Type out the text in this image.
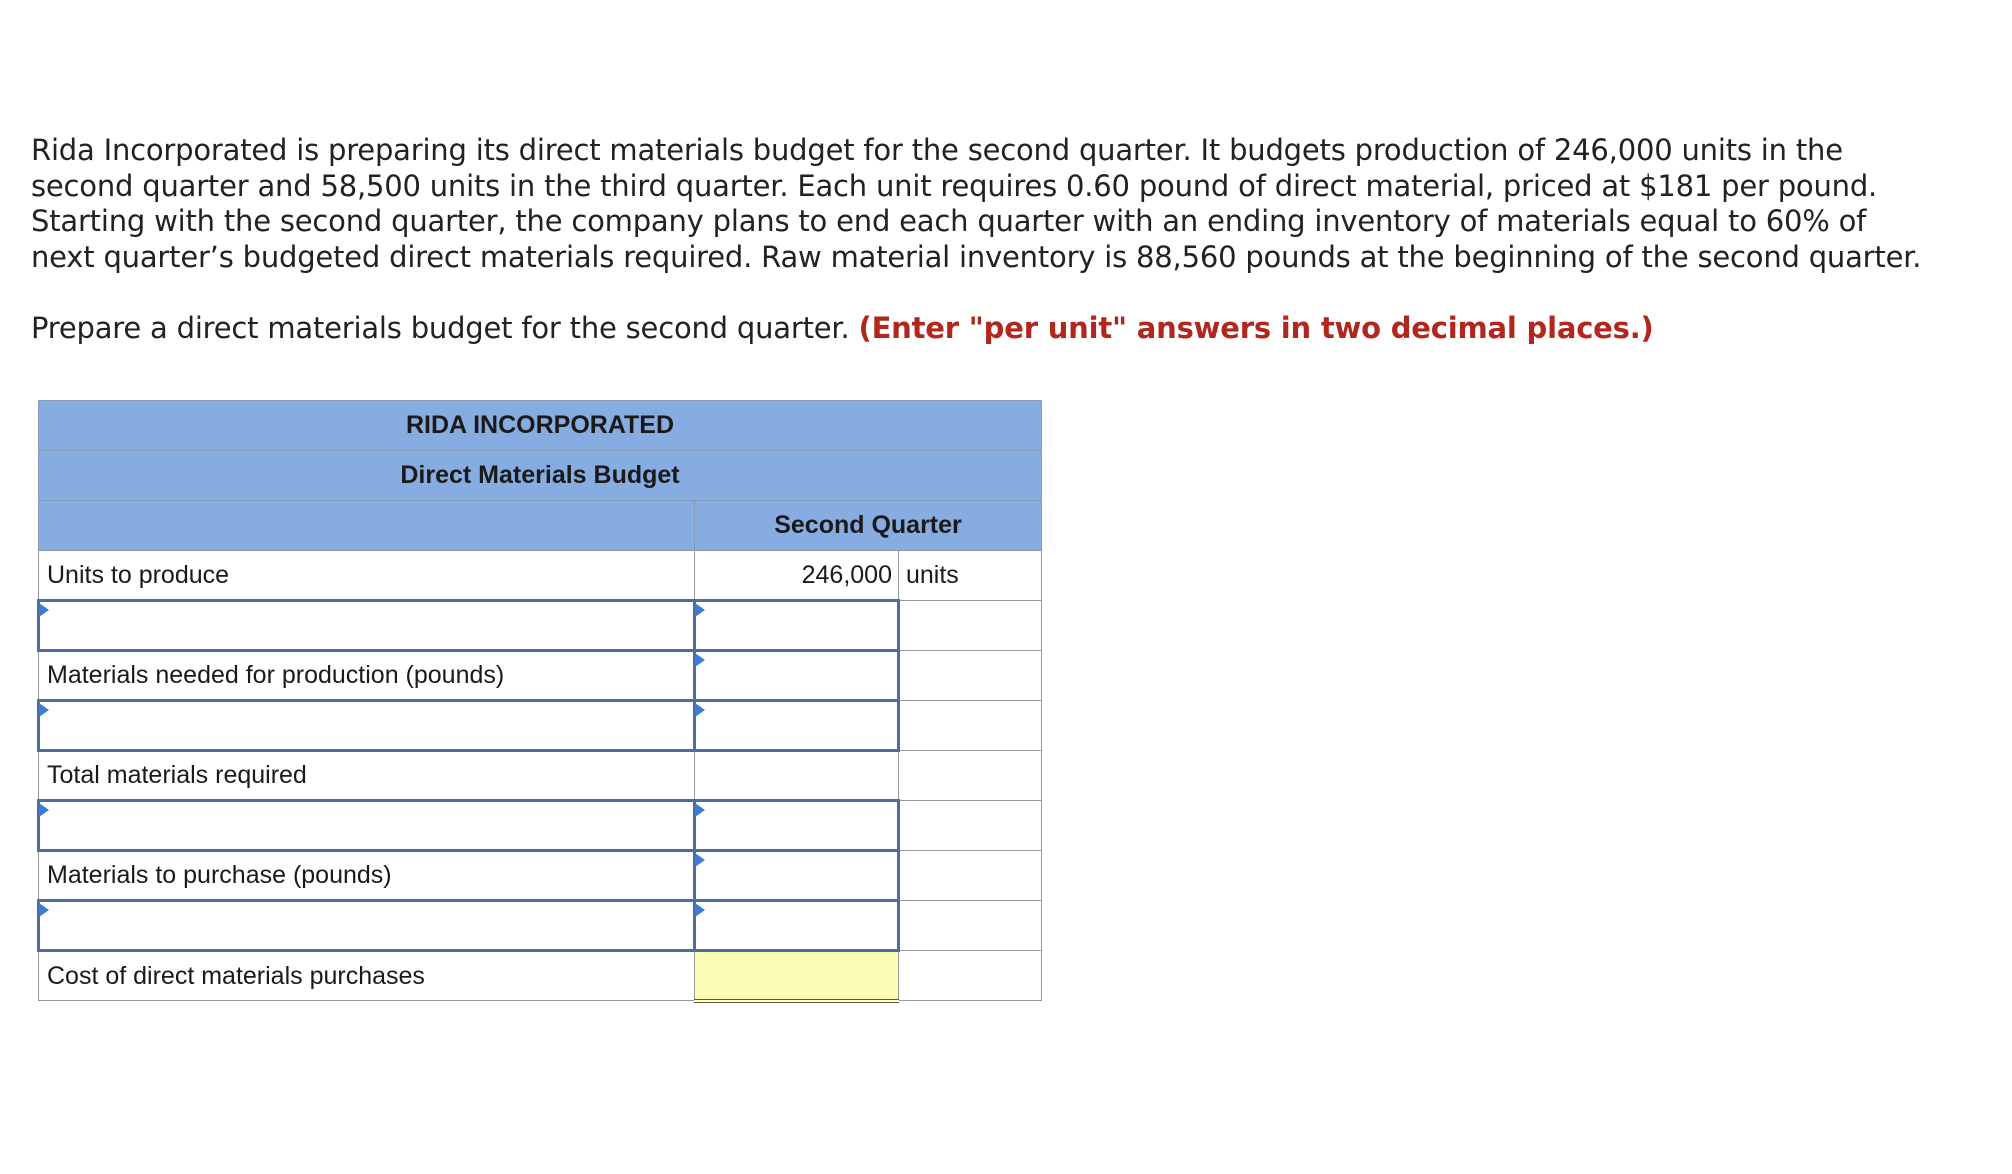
Rida Incorporated is preparing its direct materials budget for the second quarter. It budgets production of 246,000 units in the second quarter and 58,500 units in the third quarter. Each unit requires 0.60 pound of direct material, priced at $181 per pound. Starting with the second quarter, the company plans to end each quarter with an ending inventory of materials equal to 60% of next quarter’s budgeted direct materials required. Raw material inventory is 88,560 pounds at the beginning of the second quarter.

Prepare a direct materials budget for the second quarter. (Enter "per unit" answers in two decimal places.)

RIDA INCORPORATED		
Direct Materials Budget		
	Second Quarter	
Units to produce	246,000	units

Materials needed for production (pounds)		

Total materials required		

Materials to purchase (pounds)		

Cost of direct materials purchases		
